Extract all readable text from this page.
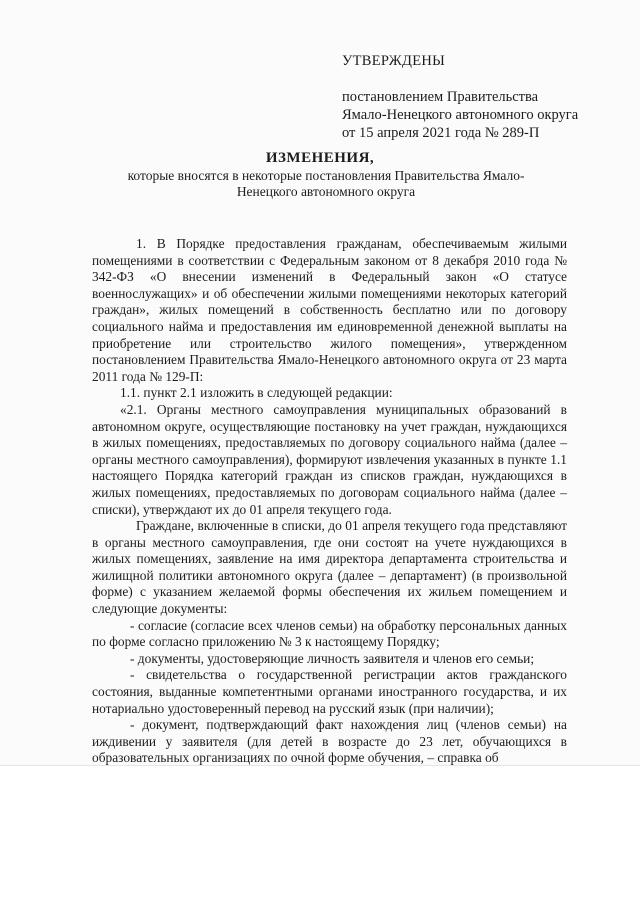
УТВЕРЖДЕНЫ
постановлением Правительства
Ямало-Ненецкого автономного округа
от 15 апреля 2021 года № 289-П
ИЗМЕНЕНИЯ,
которые вносятся в некоторые постановления Правительства Ямало-Ненецкого автономного округа

1. В Порядке предоставления гражданам, обеспечиваемым жилыми помещениями в соответствии с Федеральным законом от 8 декабря 2010 года № 342-ФЗ «О внесении изменений в Федеральный закон «О статусе военнослужащих» и об обеспечении жилыми помещениями некоторых категорий граждан», жилых помещений в собственность бесплатно или по договору социального найма и предоставления им единовременной денежной выплаты на приобретение или строительство жилого помещения», утвержденном постановлением Правительства Ямало-Ненецкого автономного округа от 23 марта 2011 года № 129-П:

1.1. пункт 2.1 изложить в следующей редакции:

«2.1. Органы местного самоуправления муниципальных образований в автономном округе, осуществляющие постановку на учет граждан, нуждающихся в жилых помещениях, предоставляемых по договору социального найма (далее – органы местного самоуправления), формируют извлечения указанных в пункте 1.1 настоящего Порядка категорий граждан из списков граждан, нуждающихся в жилых помещениях, предоставляемых по договорам социального найма (далее – списки), утверждают их до 01 апреля текущего года.

Граждане, включенные в списки, до 01 апреля текущего года представляют в органы местного самоуправления, где они состоят на учете нуждающихся в жилых помещениях, заявление на имя директора департамента строительства и жилищной политики автономного округа (далее – департамент) (в произвольной форме) с указанием желаемой формы обеспечения их жильем помещением и следующие документы:

- согласие (согласие всех членов семьи) на обработку персональных данных по форме согласно приложению № 3 к настоящему Порядку;

- документы, удостоверяющие личность заявителя и членов его семьи;

- свидетельства о государственной регистрации актов гражданского состояния, выданные компетентными органами иностранного государства, и их нотариально удостоверенный перевод на русский язык (при наличии);

- документ, подтверждающий факт нахождения лиц (членов семьи) на иждивении у заявителя (для детей в возрасте до 23 лет, обучающихся в образовательных организациях по очной форме обучения, – справка об
